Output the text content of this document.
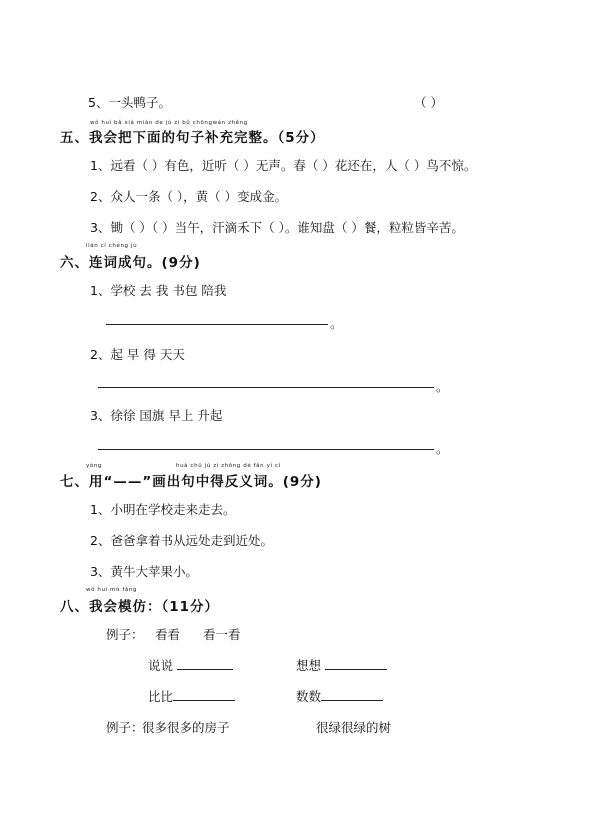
5、一头鸭子。	（ ）
wǒ huì bǎ xià miàn de jù zi bǔ chōnɡwán zhěnɡ
五、我会把下面的句子补充完整。（5分）
1、远看（ ）有色，近听（ ）无声。春（ ）花还在，人（ ）鸟不惊。
2、众人一条（ ），黄（ ）变成金。
3、锄（ ）（ ）当午，汗滴禾下（ ）。谁知盘（ ）餐，粒粒皆辛苦。
lián cí chénɡ jù
六、连词成句。(9分)
1、学校 去 我 书包 陪我
。
2、起 早 得 天天
。
3、徐徐 国旗 早上 升起
。
yònɡ	huà chū jù zi zhōnɡ dé fǎn yì cí
七、用“——”画出句中得反义词。(9分)
1、小明在学校走来走去。
2、爸爸拿着书从远处走到近处。
3、黄牛大苹果小。
wǒ huì mó fǎnɡ
八、我会模仿：（11分）
例子： 看看 看一看
说说	想想
比比	数数
例子：
很多很多的房子	很绿很绿的树
